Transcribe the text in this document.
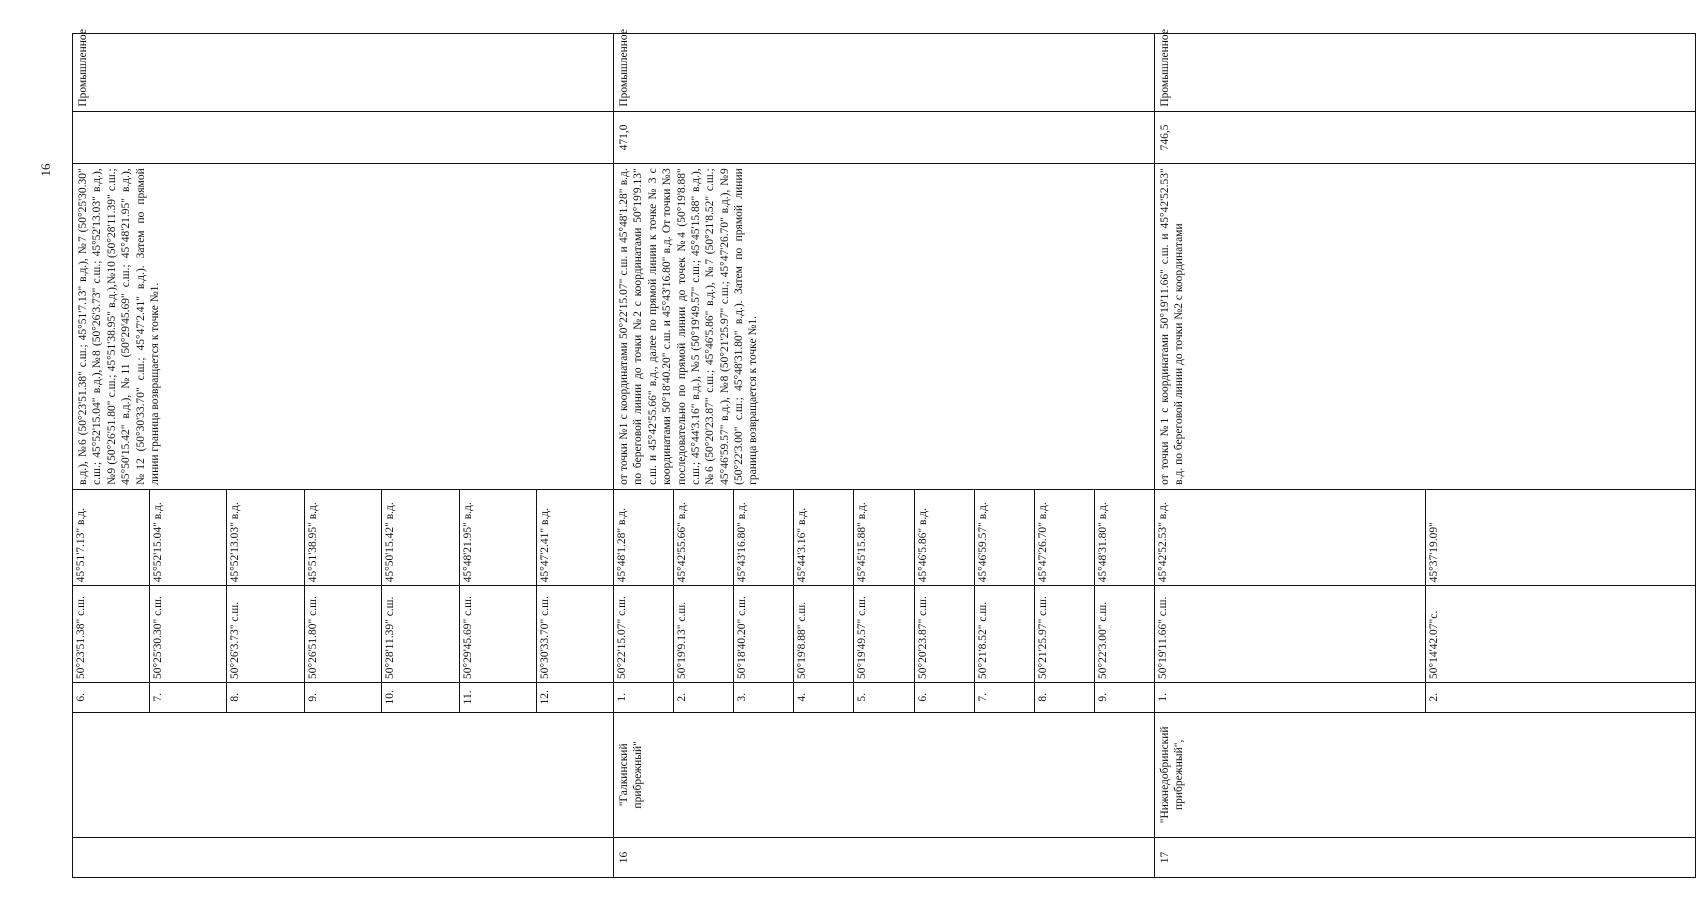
16

6.	50°23'51.38" с.ш.	45°51'7.13" в.д.
7.	50°25'30.30" с.ш.	45°52'15.04" в.д.
8.	50°26'3.73" с.ш.	45°52'13.03" в.д.
9.	50°26'51.80" с.ш.	45°51'38.95" в.д.
10.	50°28'11.39" с.ш.	45°50'15.42" в.д.
11.	50°29'45.69" с.ш.	45°48'21.95" в.д.
12.	50°30'33.70" с.ш.	45°47'2.41" в.д.
	в.д.), №6 (50°23'51.38" с.ш.; 45°51'7.13" в.д.), №7 (50°25'30.30" с.ш.; 45°52'15.04" в.д.),№8 (50°26'3.73" с.ш.; 45°52'13.03" в.д.), №9 (50°26'51.80" с.ш.; 45°51'38.95" в.д.),№10 (50°28'11.39" с.ш.; 45°50'15.42" в.д.), №11 (50°29'45.69" с.ш.; 45°48'21.95" в.д.), №12 (50°30'33.70" с.ш.; 45°47'2.41" в.д.). Затем по прямой линии граница возвращается к точке №1.		Промышленное
16	"Галкинский прибрежный"	
1.	50°22'15.07" с.ш.	45°48'1.28" в.д.
2.	50°19'9.13" с.ш.	45°42'55.66" в.д.
3.	50°18'40.20" с.ш.	45°43'16.80" в.д.
4.	50°19'8.88" с.ш.	45°44'3.16" в.д.
5.	50°19'49.57" с.ш.	45°45'15.88" в.д.
6.	50°20'23.87" с.ш.	45°46'5.86" в.д.
7.	50°21'8.52" с.ш.	45°46'59.57" в.д.
8.	50°21'25.97" с.ш.	45°47'26.70" в.д.
9.	50°22'3.00" с.ш.	45°48'31.80" в.д.
	от точки №1 с координатами 50°22'15.07" с.ш. и 45°48'1.28" в.д. по береговой линии до точки №2 с координатами 50°19'9.13" с.ш. и 45°42'55.66" в.д., далее по прямой линии к точке № 3 с координатами 50°18'40.20" с.ш. и 45°43'16.80" в.д. От точки №3 последовательно по прямой линии до точек №4 (50°19'8.88" с.ш.; 45°44'3.16" в.д.), №5 (50°19'49.57" с.ш.; 45°45'15.88" в.д.), №6 (50°20'23.87" с.ш.; 45°46'5.86" в.д.), №7 (50°21'8.52" с.ш.; 45°46'59.57" в.д.), №8 (50°21'25.97" с.ш.; 45°47'26.70" в.д.), №9 (50°22'3.00" с.ш.; 45°48'31.80" в.д.). Затем по прямой линии граница возвращается к точке №1.	471,0	Промышленное
17	"Нижнедобринский прибрежный",	
1.	50°19'11.66" с.ш.	45°42'52.53" в.д.
2.	50°14'42.07"с.	45°37'19.09"
	от точки №1 с координатами 50°19'11.66" с.ш. и 45°42'52.53" в.д. по береговой линии до точки №2 с координатами	746,5	Промышленное
